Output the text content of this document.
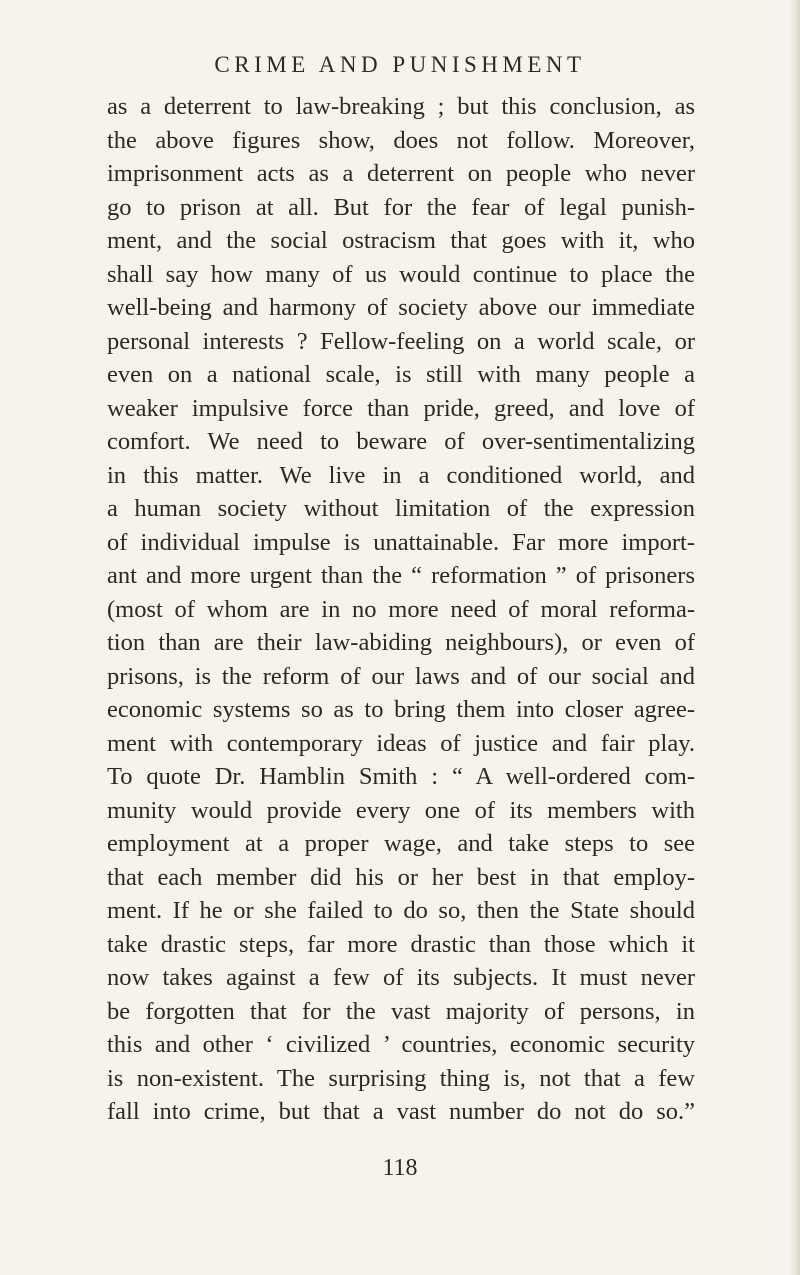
CRIME AND PUNISHMENT
as a deterrent to law-breaking ; but this conclusion, as
the above figures show, does not follow. Moreover,
imprisonment acts as a deterrent on people who never
go to prison at all. But for the fear of legal punish-
ment, and the social ostracism that goes with it, who
shall say how many of us would continue to place the
well-being and harmony of society above our immediate
personal interests ? Fellow-feeling on a world scale, or
even on a national scale, is still with many people a
weaker impulsive force than pride, greed, and love of
comfort. We need to beware of over-sentimentalizing
in this matter. We live in a conditioned world, and
a human society without limitation of the expression
of individual impulse is unattainable. Far more import-
ant and more urgent than the “ reformation ” of prisoners
(most of whom are in no more need of moral reforma-
tion than are their law-abiding neighbours), or even of
prisons, is the reform of our laws and of our social and
economic systems so as to bring them into closer agree-
ment with contemporary ideas of justice and fair play.
To quote Dr. Hamblin Smith : “ A well-ordered com-
munity would provide every one of its members with
employment at a proper wage, and take steps to see
that each member did his or her best in that employ-
ment. If he or she failed to do so, then the State should
take drastic steps, far more drastic than those which it
now takes against a few of its subjects. It must never
be forgotten that for the vast majority of persons, in
this and other ‘ civilized ’ countries, economic security
is non-existent. The surprising thing is, not that a few
fall into crime, but that a vast number do not do so.”
118
